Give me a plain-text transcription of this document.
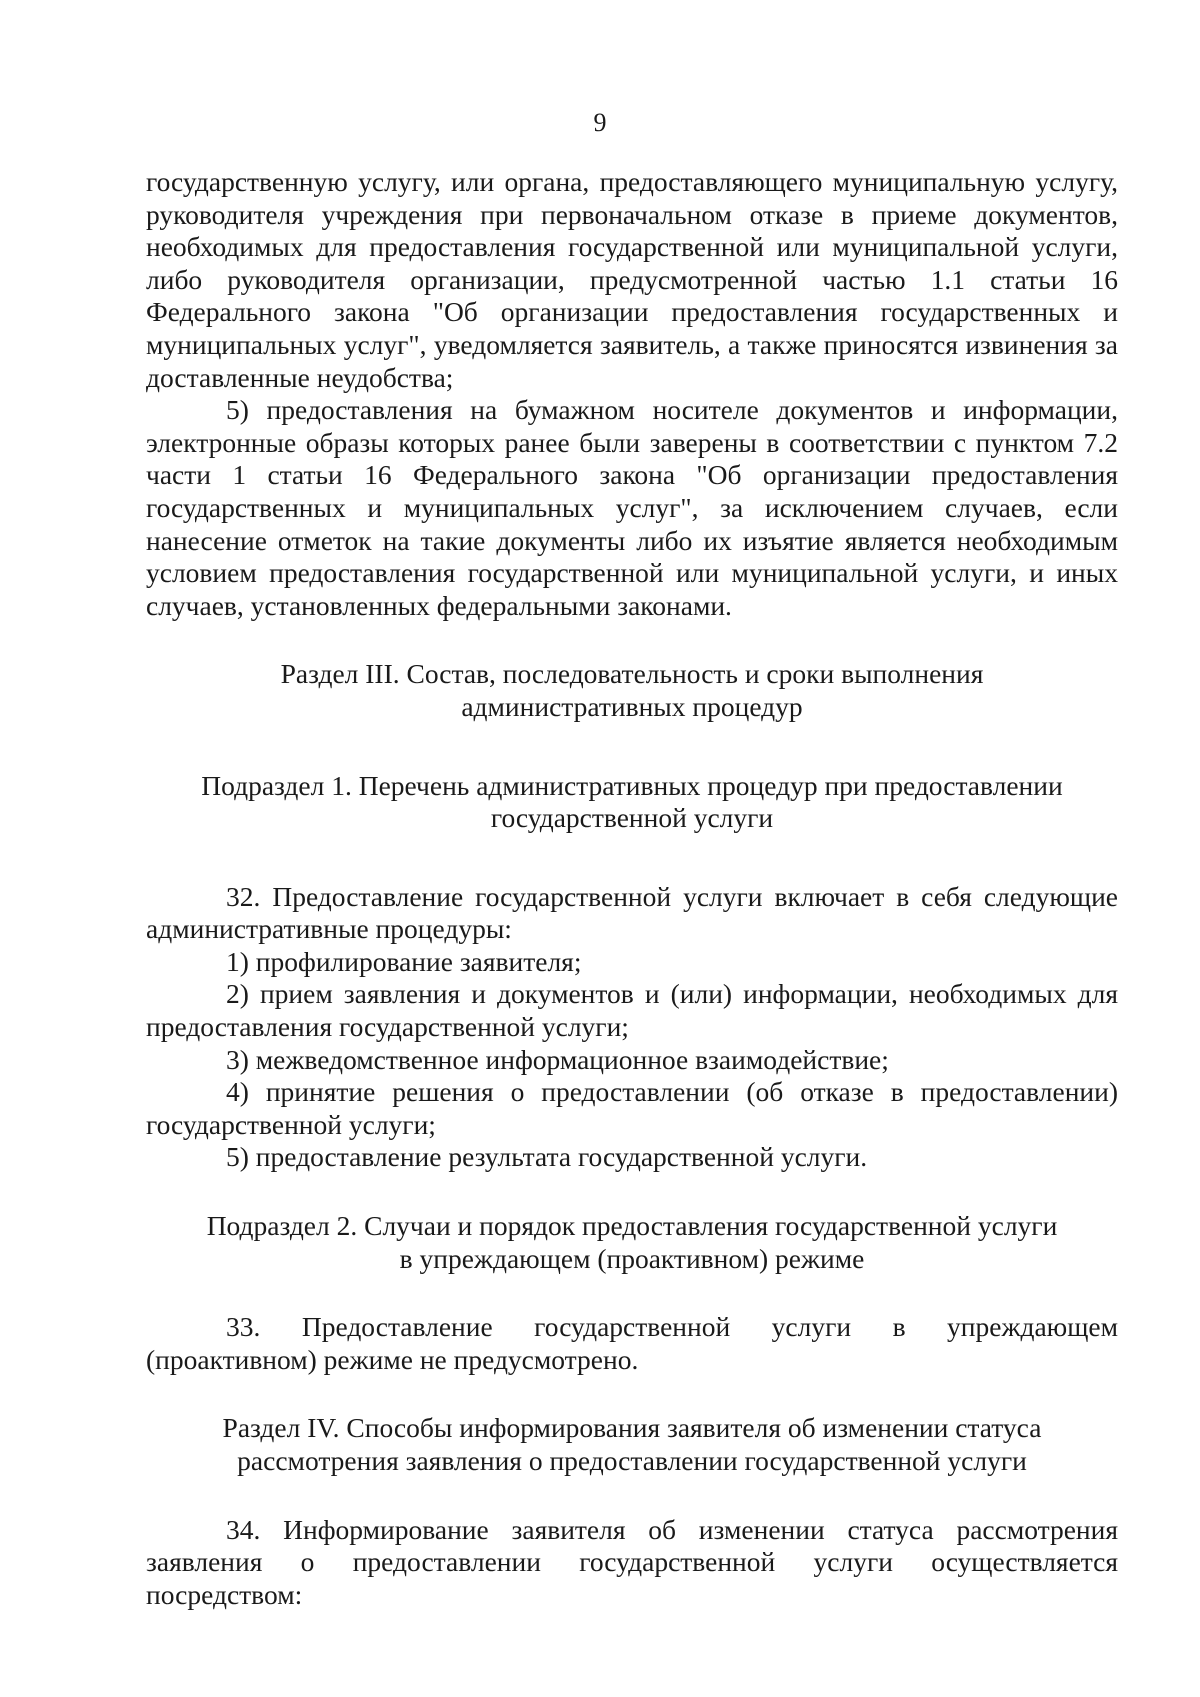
9

государственную услугу, или органа, предоставляющего муниципальную услугу, руководителя учреждения при первоначальном отказе в приеме документов, необходимых для предоставления государственной или муниципальной услуги, либо руководителя организации, предусмотренной частью 1.1 статьи 16 Федерального закона "Об организации предоставления государственных и муниципальных услуг", уведомляется заявитель, а также приносятся извинения за доставленные неудобства;

5) предоставления на бумажном носителе документов и информации, электронные образы которых ранее были заверены в соответствии с пунктом 7.2 части 1 статьи 16 Федерального закона "Об организации предоставления государственных и муниципальных услуг", за исключением случаев, если нанесение отметок на такие документы либо их изъятие является необходимым условием предоставления государственной или муниципальной услуги, и иных случаев, установленных федеральными законами.

Раздел III. Состав, последовательность и сроки выполнения

административных процедур

Подраздел 1. Перечень административных процедур при предоставлении

государственной услуги

32. Предоставление государственной услуги включает в себя следующие административные процедуры:

1) профилирование заявителя;

2) прием заявления и документов и (или) информации, необходимых для предоставления государственной услуги;

3) межведомственное информационное взаимодействие;

4) принятие решения о предоставлении (об отказе в предоставлении) государственной услуги;

5) предоставление результата государственной услуги.

Подраздел 2. Случаи и порядок предоставления государственной услуги

в упреждающем (проактивном) режиме

33. Предоставление государственной услуги в упреждающем (проактивном) режиме не предусмотрено.

Раздел IV. Способы информирования заявителя об изменении статуса

рассмотрения заявления о предоставлении государственной услуги

34. Информирование заявителя об изменении статуса рассмотрения заявления о предоставлении государственной услуги осуществляется посредством:
